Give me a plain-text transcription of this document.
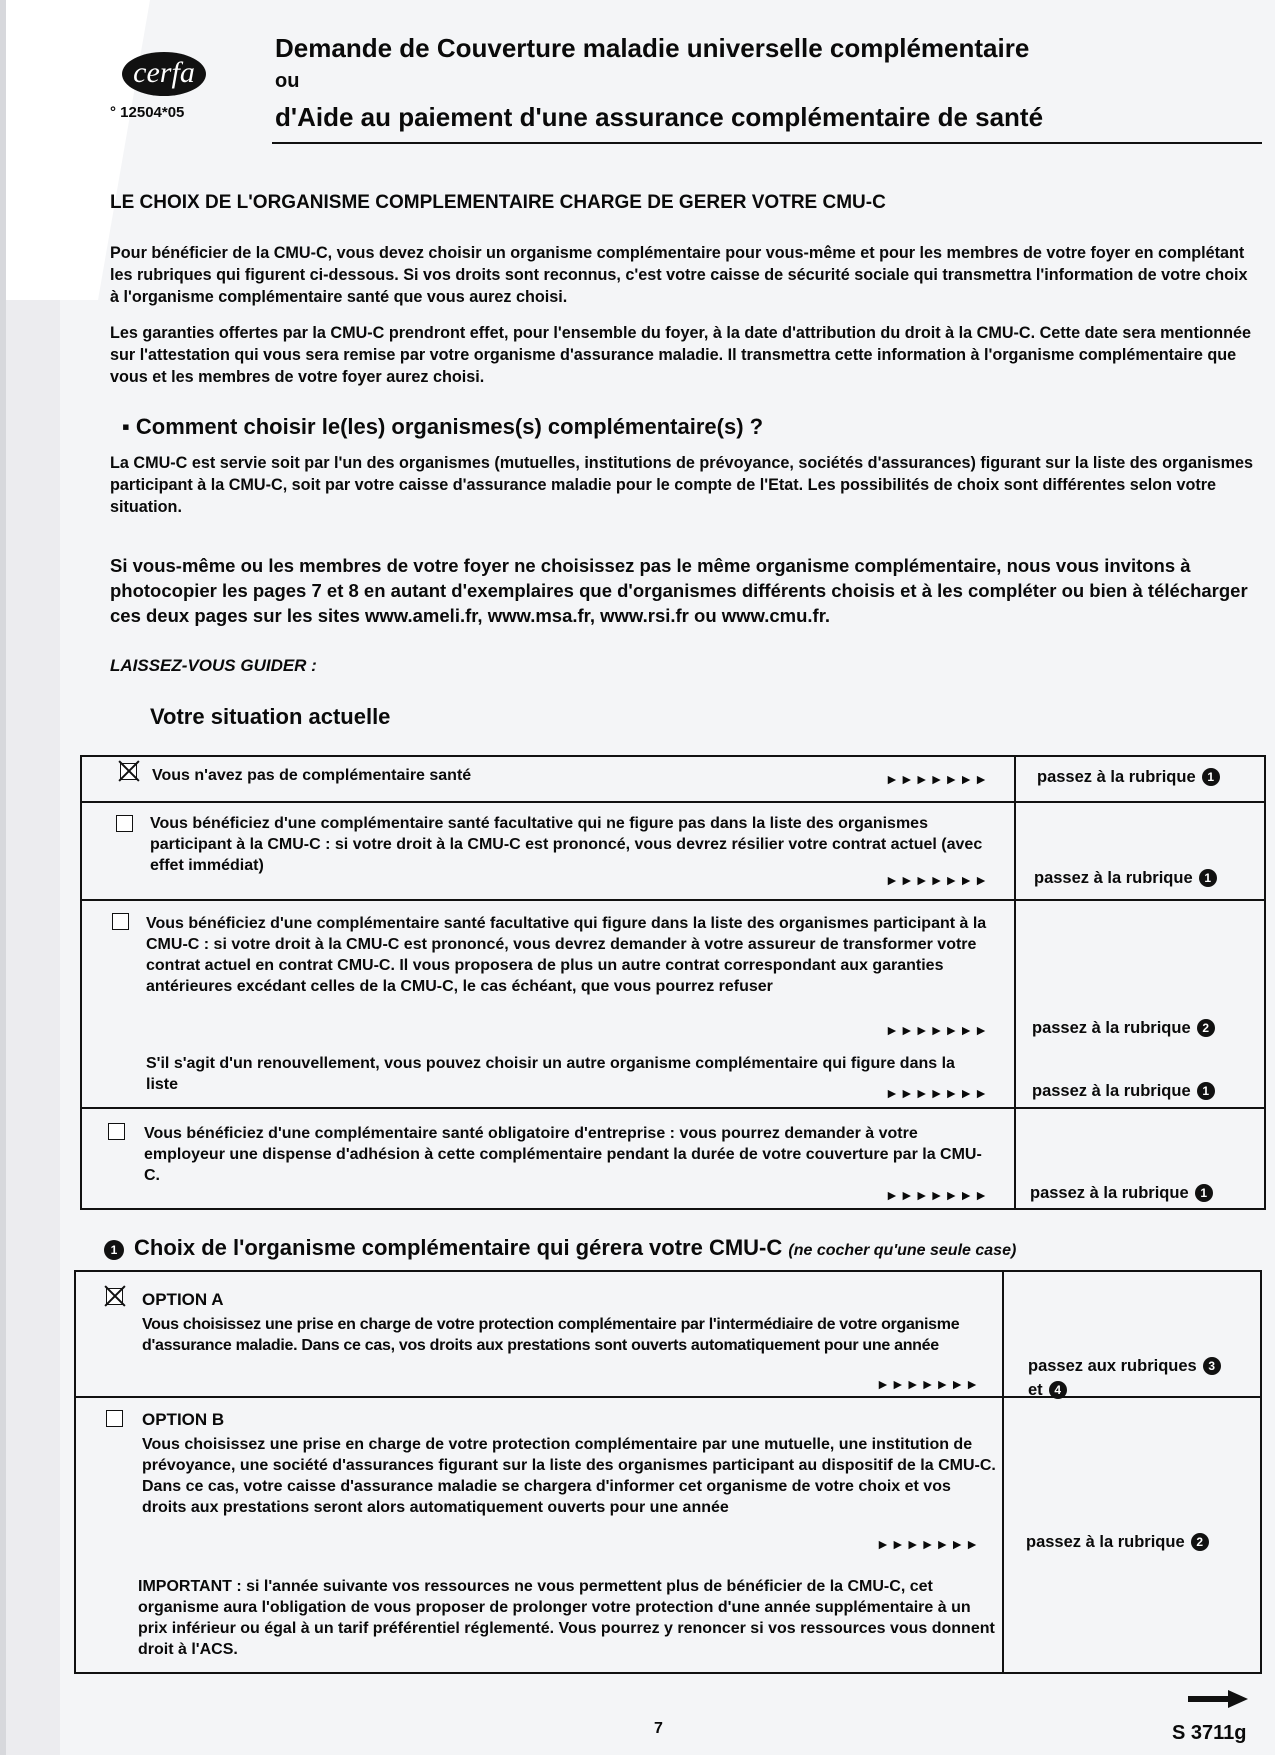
cerfa
° 12504*05
Demande de Couverture maladie universelle complémentaire
ou
d'Aide au paiement d'une assurance complémentaire de santé
LE CHOIX DE L'ORGANISME COMPLEMENTAIRE CHARGE DE GERER VOTRE CMU-C
Pour bénéficier de la CMU-C, vous devez choisir un organisme complémentaire pour vous-même et pour les membres de votre foyer en complétant les rubriques qui figurent ci-dessous. Si vos droits sont reconnus, c'est votre caisse de sécurité sociale qui transmettra l'information de votre choix à l'organisme complémentaire santé que vous aurez choisi.
Les garanties offertes par la CMU-C prendront effet, pour l'ensemble du foyer, à la date d'attribution du droit à la CMU-C. Cette date sera mentionnée sur l'attestation qui vous sera remise par votre organisme d'assurance maladie. Il transmettra cette information à l'organisme complémentaire que vous et les membres de votre foyer aurez choisi.
▪ Comment choisir le(les) organismes(s) complémentaire(s) ?
La CMU-C est servie soit par l'un des organismes (mutuelles, institutions de prévoyance, sociétés d'assurances) figurant sur la liste des organismes participant à la CMU-C, soit par votre caisse d'assurance maladie pour le compte de l'Etat. Les possibilités de choix sont différentes selon votre situation.
Si vous-même ou les membres de votre foyer ne choisissez pas le même organisme complémentaire, nous vous invitons à photocopier les pages 7 et 8 en autant d'exemplaires que d'organismes différents choisis et à les compléter ou bien à télécharger ces deux pages sur les sites www.ameli.fr, www.msa.fr, www.rsi.fr ou www.cmu.fr.
LAISSEZ-VOUS GUIDER :
Votre situation actuelle
Vous n'avez pas de complémentaire santé	►►►►►►►	passez à la rubrique 1
Vous bénéficiez d'une complémentaire santé facultative qui ne figure pas dans la liste des organismes participant à la CMU-C : si votre droit à la CMU-C est prononcé, vous devrez résilier votre contrat actuel (avec effet immédiat)
►►►►►►►	passez à la rubrique 1
Vous bénéficiez d'une complémentaire santé facultative qui figure dans la liste des organismes participant à la CMU-C : si votre droit à la CMU-C est prononcé, vous devrez demander à votre assureur de transformer votre contrat actuel en contrat CMU-C. Il vous proposera de plus un autre contrat correspondant aux garanties antérieures excédant celles de la CMU-C, le cas échéant, que vous pourrez refuser
►►►►►►►	passez à la rubrique 2
S'il s'agit d'un renouvellement, vous pouvez choisir un autre organisme complémentaire qui figure dans la liste	►►►►►►►	passez à la rubrique 1
Vous bénéficiez d'une complémentaire santé obligatoire d'entreprise : vous pourrez demander à votre employeur une dispense d'adhésion à cette complémentaire pendant la durée de votre couverture par la CMU-C.
►►►►►►► passez à la rubrique 1
1 Choix de l'organisme complémentaire qui gérera votre CMU-C (ne cocher qu'une seule case)
OPTION A
Vous choisissez une prise en charge de votre protection complémentaire par l'intermédiaire de votre organisme d'assurance maladie. Dans ce cas, vos droits aux prestations sont ouverts automatiquement pour une année
►►►►►►►
passez aux rubriques 3
et 4
OPTION B
Vous choisissez une prise en charge de votre protection complémentaire par une mutuelle, une institution de prévoyance, une société d'assurances figurant sur la liste des organismes participant au dispositif de la CMU-C. Dans ce cas, votre caisse d'assurance maladie se chargera d'informer cet organisme de votre choix et vos droits aux prestations seront alors automatiquement ouverts pour une année
►►►►►►►	passez à la rubrique 2
IMPORTANT : si l'année suivante vos ressources ne vous permettent plus de bénéficier de la CMU-C, cet organisme aura l'obligation de vous proposer de prolonger votre protection d'une année supplémentaire à un prix inférieur ou égal à un tarif préférentiel réglementé. Vous pourrez y renoncer si vos ressources vous donnent droit à l'ACS.
7	S 3711g
